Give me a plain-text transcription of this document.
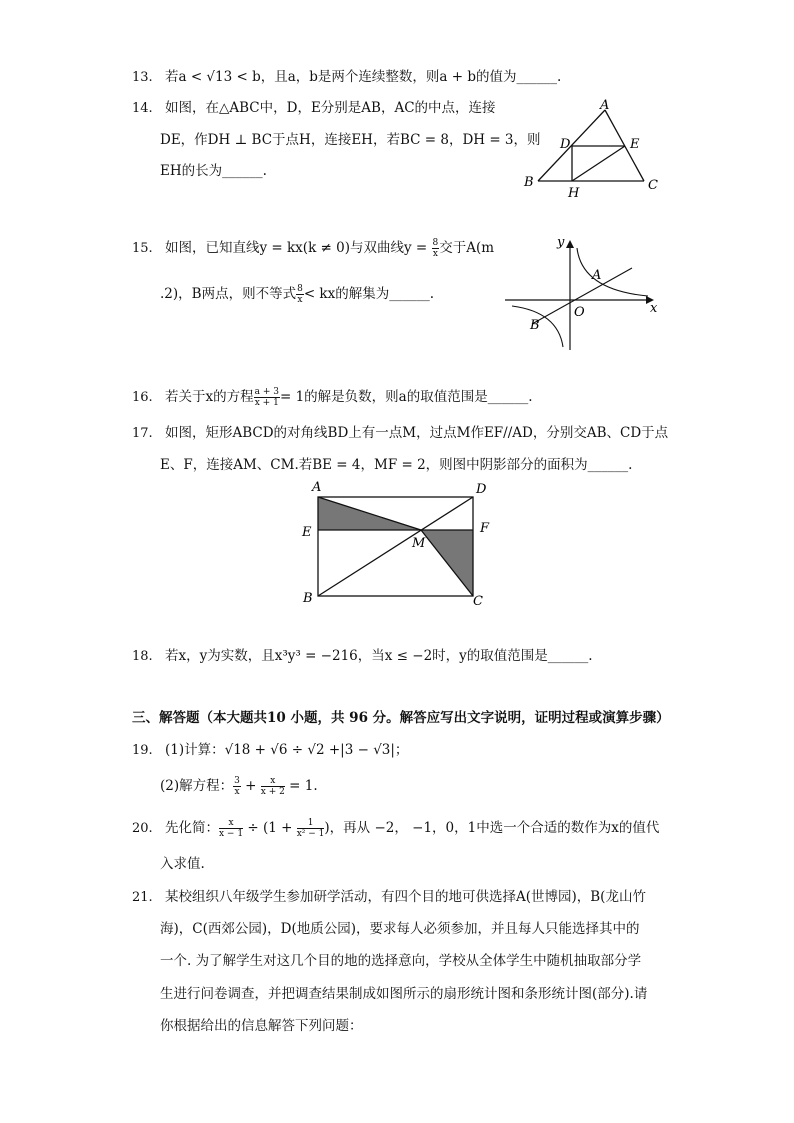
13. 若a < √13 < b，且a，b是两个连续整数，则a + b的值为______.
14. 如图，在△ABC中，D，E分别是AB，AC的中点，连接
DE，作DH ⊥ BC于点H，连接EH，若BC = 8，DH = 3，则
EH的长为______.
A
D	E
B
H
C
15. 如图，已知直线y = kx(k ≠ 0)与双曲线$y = \frac{8}{x}$ 交于A(m
.2)，B两点，则不等式 $\frac{8}{x}$ < kx的解集为______.
y
x
A
B
O
16. 若关于x的方程 $\frac{a + 3}{x + 1} = 1$的解是负数，则a的取值范围是______.
17. 如图，矩形ABCD的对角线BD上有一点M，过点M作EF//AD，分别交AB、CD于点
E、F，连接AM、CM.若BE = 4，MF = 2，则图中阴影部分的面积为______.
A	D
E	F
M
B	C
18. 若x，y为实数，且x³y³ = −216，当x ≤ −2时，y的取值范围是______.
三、解答题（本大题共10 小题，共 96 分。解答应写出文字说明，证明过程或演算步骤）
19. (1)计算：√18 + √6 ÷ √2 +|3 − √3|；
(2)解方程： $\frac{3}{x} + \frac{x}{x + 2} = 1$.
20. 先化简： $\frac{x}{x - 1} \div (1 + \frac{1}{\text{x² − 1}}$ )，再从 −2， −1，0，1中选一个合适的数作为x的值代
入求值.
21. 某校组织八年级学生参加研学活动，有四个目的地可供选择A(世博园)，B(龙山竹
海)，C(西郊公园)，D(地质公园)，要求每人必须参加，并且每人只能选择其中的
一个. 为了解学生对这几个目的地的选择意向，学校从全体学生中随机抽取部分学
生进行问卷调查，并把调查结果制成如图所示的扇形统计图和条形统计图(部分).请
你根据给出的信息解答下列问题：
